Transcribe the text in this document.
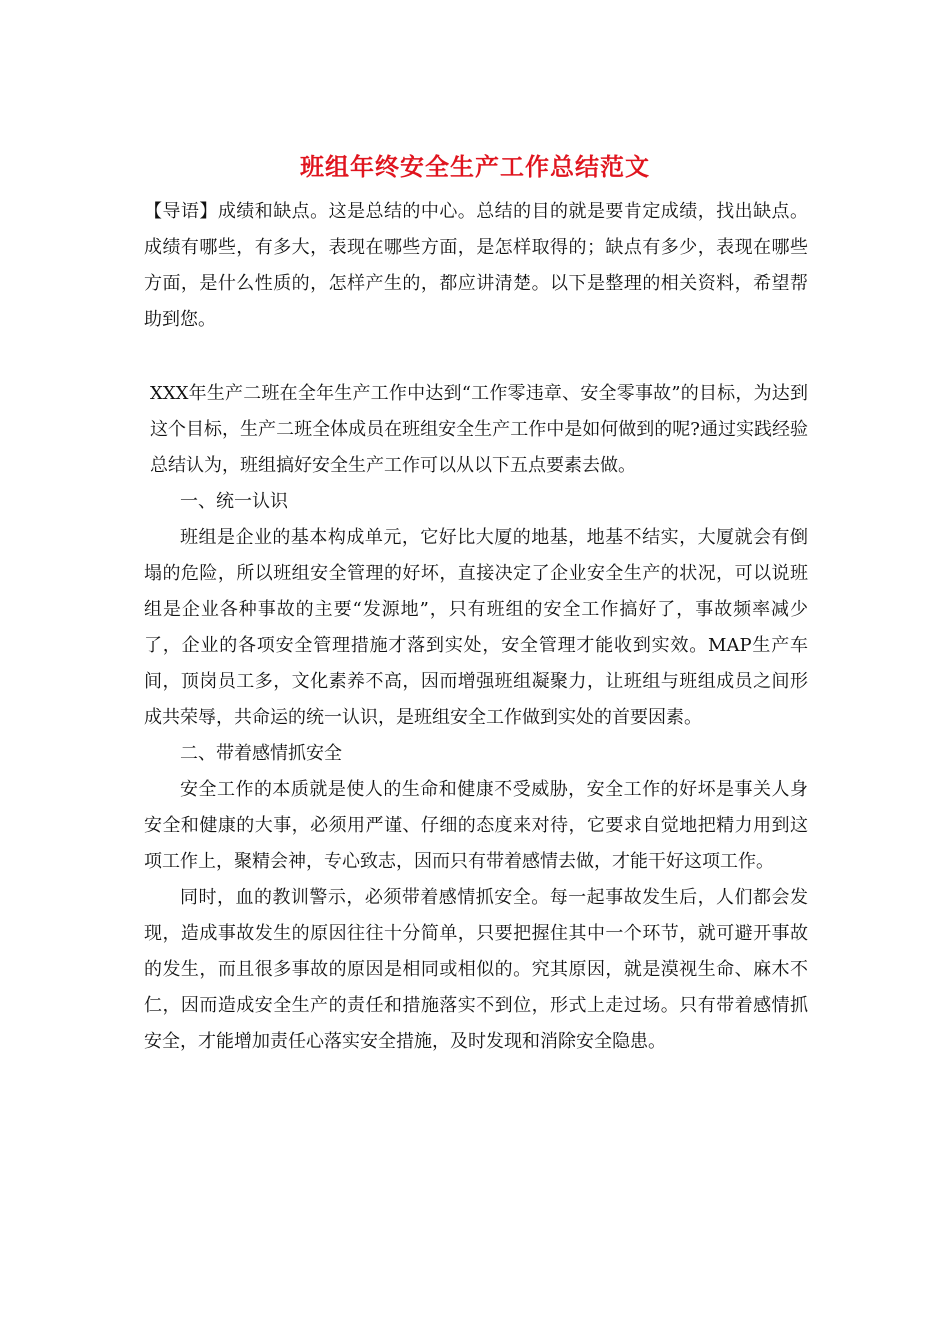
班组年终安全生产工作总结范文

【导语】成绩和缺点。这是总结的中心。总结的目的就是要肯定成绩，找出缺点。成绩有哪些，有多大，表现在哪些方面，是怎样取得的；缺点有多少，表现在哪些方面，是什么性质的，怎样产生的，都应讲清楚。以下是整理的相关资料，希望帮助到您。

XXX年生产二班在全年生产工作中达到“工作零违章、安全零事故”的目标，为达到这个目标，生产二班全体成员在班组安全生产工作中是如何做到的呢?通过实践经验总结认为，班组搞好安全生产工作可以从以下五点要素去做。

一、统一认识

班组是企业的基本构成单元，它好比大厦的地基，地基不结实，大厦就会有倒塌的危险，所以班组安全管理的好坏，直接决定了企业安全生产的状况，可以说班组是企业各种事故的主要“发源地”，只有班组的安全工作搞好了，事故频率减少了，企业的各项安全管理措施才落到实处，安全管理才能收到实效。MAP生产车间，顶岗员工多，文化素养不高，因而增强班组凝聚力，让班组与班组成员之间形成共荣辱，共命运的统一认识，是班组安全工作做到实处的首要因素。

二、带着感情抓安全

安全工作的本质就是使人的生命和健康不受威胁，安全工作的好坏是事关人身安全和健康的大事，必须用严谨、仔细的态度来对待，它要求自觉地把精力用到这项工作上，聚精会神，专心致志，因而只有带着感情去做，才能干好这项工作。

同时，血的教训警示，必须带着感情抓安全。每一起事故发生后，人们都会发现，造成事故发生的原因往往十分简单，只要把握住其中一个环节，就可避开事故的发生，而且很多事故的原因是相同或相似的。究其原因，就是漠视生命、麻木不仁，因而造成安全生产的责任和措施落实不到位，形式上走过场。只有带着感情抓安全，才能增加责任心落实安全措施，及时发现和消除安全隐患。
